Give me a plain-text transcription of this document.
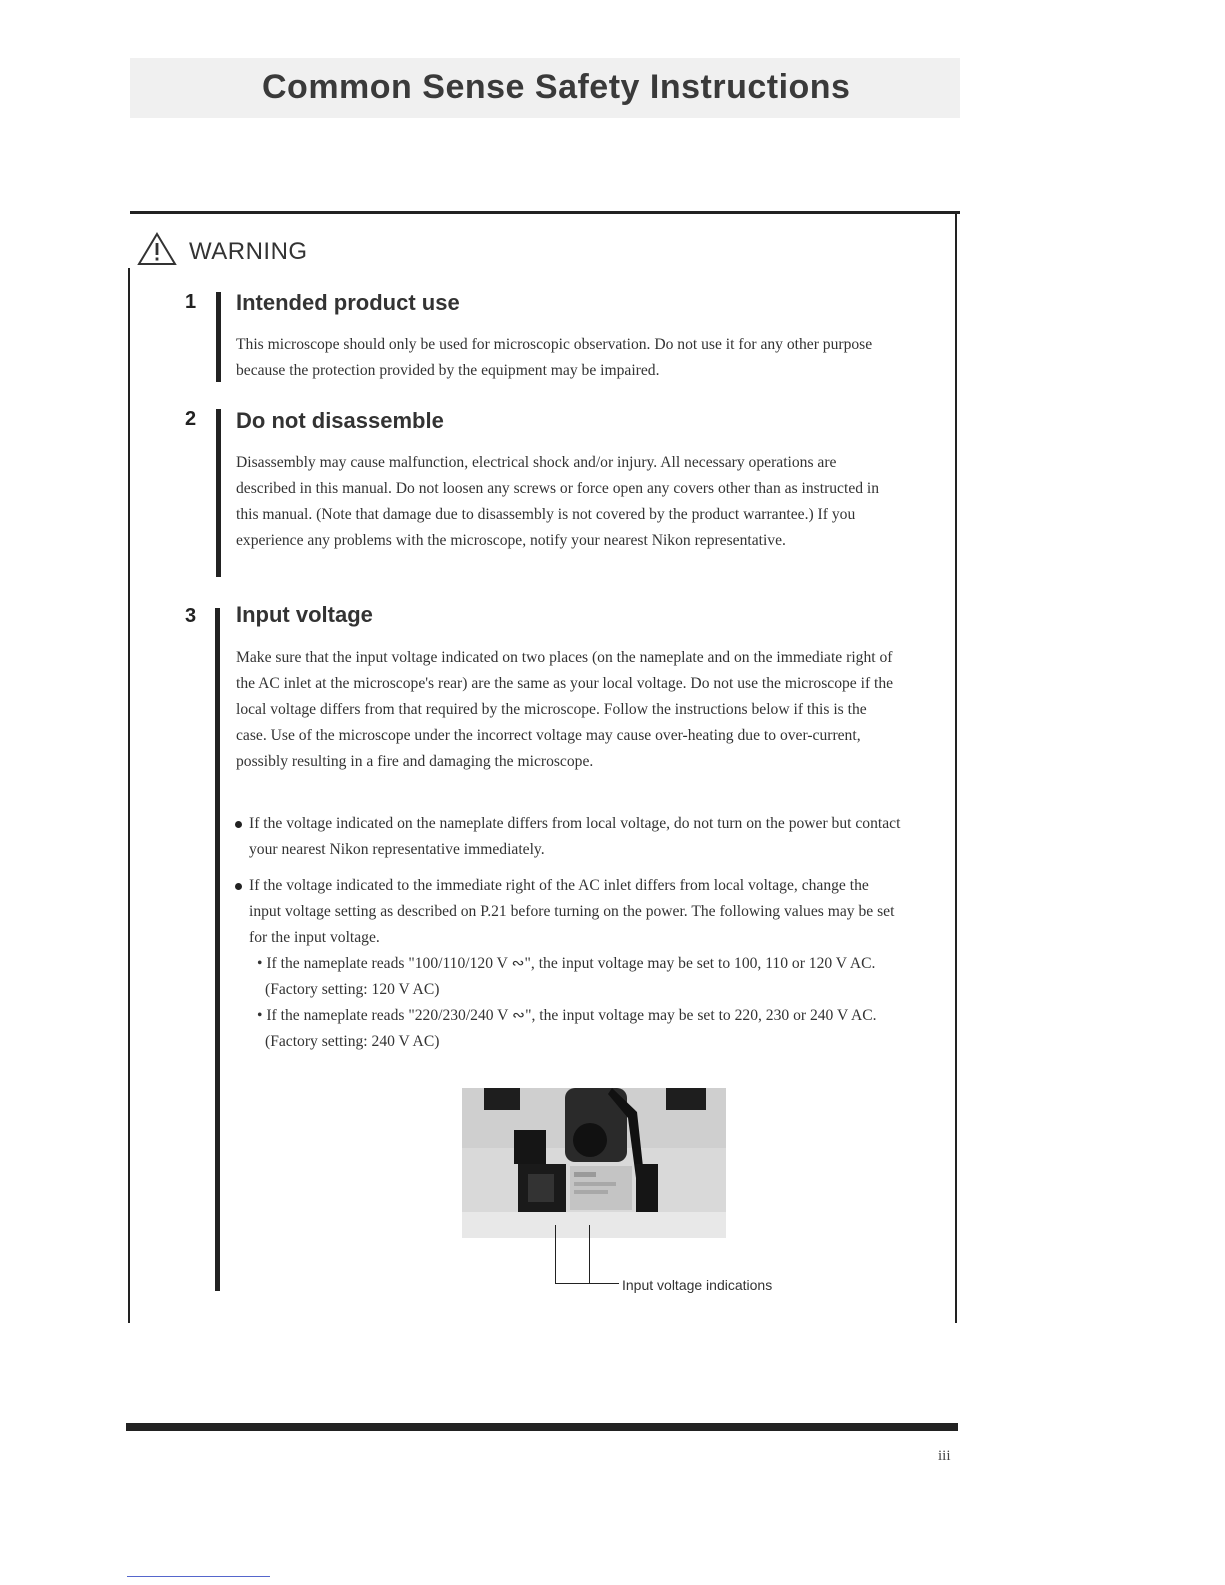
Common Sense Safety Instructions
WARNING
1 Intended product use

This microscope should only be used for microscopic observation. Do not use it for any other purpose because the protection provided by the equipment may be impaired.

2 Do not disassemble

Disassembly may cause malfunction, electrical shock and/or injury. All necessary operations are described in this manual. Do not loosen any screws or force open any covers other than as instructed in this manual. (Note that damage due to disassembly is not covered by the product warrantee.) If you experience any problems with the microscope, notify your nearest Nikon representative.

3 Input voltage

Make sure that the input voltage indicated on two places (on the nameplate and on the immediate right of the AC inlet at the microscope's rear) are the same as your local voltage. Do not use the microscope if the local voltage differs from that required by the microscope. Follow the instructions below if this is the case. Use of the microscope under the incorrect voltage may cause over-heating due to over-current, possibly resulting in a fire and damaging the microscope.

If the voltage indicated on the nameplate differs from local voltage, do not turn on the power but contact your nearest Nikon representative immediately.
If the voltage indicated to the immediate right of the AC inlet differs from local voltage, change the input voltage setting as described on P.21 before turning on the power. The following values may be set for the input voltage.
• If the nameplate reads "100/110/120 V ∾", the input voltage may be set to 100, 110 or 120 V AC. (Factory setting: 120 V AC)
• If the nameplate reads "220/230/240 V ∾", the input voltage may be set to 220, 230 or 240 V AC. (Factory setting: 240 V AC)
Input voltage indications
iii
